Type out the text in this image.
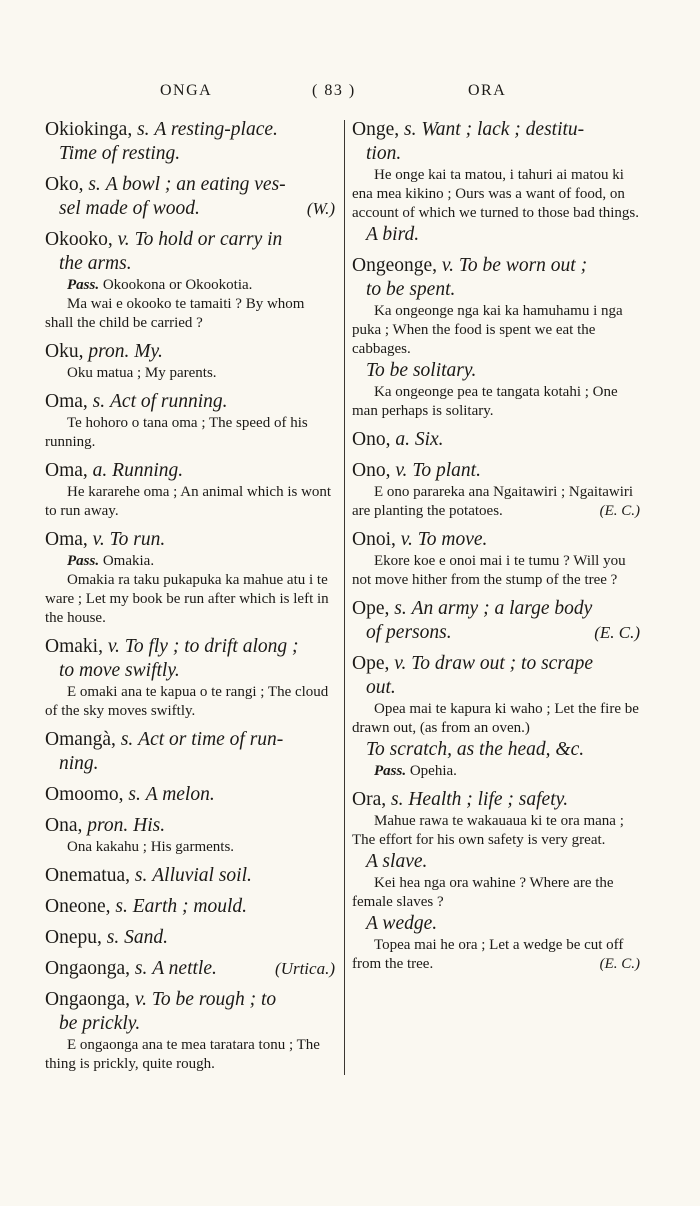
ONGA	( 83 )	ORA
Okiokinga, s. A resting-place.
Time of resting.
Oko, s. A bowl ; an eating ves-
sel made of wood.	(W.)
Okooko, v. To hold or carry in
the arms.
Pass. Okookona or Okookotia.
Ma wai e okooko te tamaiti ? By whom shall the child be carried ?
Oku, pron. My.
Oku matua ; My parents.
Oma, s. Act of running.
Te hohoro o tana oma ; The speed of his running.
Oma, a. Running.
He kararehe oma ; An animal which is wont to run away.
Oma, v. To run.
Pass. Omakia.
Omakia ra taku pukapuka ka mahue atu i te ware ; Let my book be run after which is left in the house.
Omaki, v. To fly ; to drift along ;
to move swiftly.
E omaki ana te kapua o te rangi ; The cloud of the sky moves swiftly.
Omangà, s. Act or time of run-
ning.
Omoomo, s. A melon.
Ona, pron. His.
Ona kakahu ; His garments.
Onematua, s. Alluvial soil.
Oneone, s. Earth ; mould.
Onepu, s. Sand.
Ongaonga, s. A nettle.	(Urtica.)
Ongaonga, v. To be rough ; to
be prickly.
E ongaonga ana te mea taratara tonu ; The thing is prickly, quite rough.
Onge, s. Want ; lack ; destitu-
tion.
He onge kai ta matou, i tahuri ai matou ki ena mea kikino ; Ours was a want of food, on account of which we turned to those bad things.
A bird.
Ongeonge, v. To be worn out ;
to be spent.
Ka ongeonge nga kai ka hamuhamu i nga puka ; When the food is spent we eat the cabbages.
To be solitary.
Ka ongeonge pea te tangata kotahi ; One man perhaps is solitary.
Ono, a. Six.
Ono, v. To plant.
E ono parareka ana Ngaitawiri ; Ngaitawiri are planting the potatoes.	(E. C.)
Onoi, v. To move.
Ekore koe e onoi mai i te tumu ? Will you not move hither from the stump of the tree ?
Ope, s. An army ; a large body
of persons.	(E. C.)
Ope, v. To draw out ; to scrape
out.
Opea mai te kapura ki waho ; Let the fire be drawn out, (as from an oven.)
To scratch, as the head, &c.
Pass. Opehia.
Ora, s. Health ; life ; safety.
Mahue rawa te wakauaua ki te ora mana ; The effort for his own safety is very great.
A slave.
Kei hea nga ora wahine ? Where are the female slaves ?
A wedge.
Topea mai he ora ; Let a wedge be cut off from the tree.	(E. C.)
